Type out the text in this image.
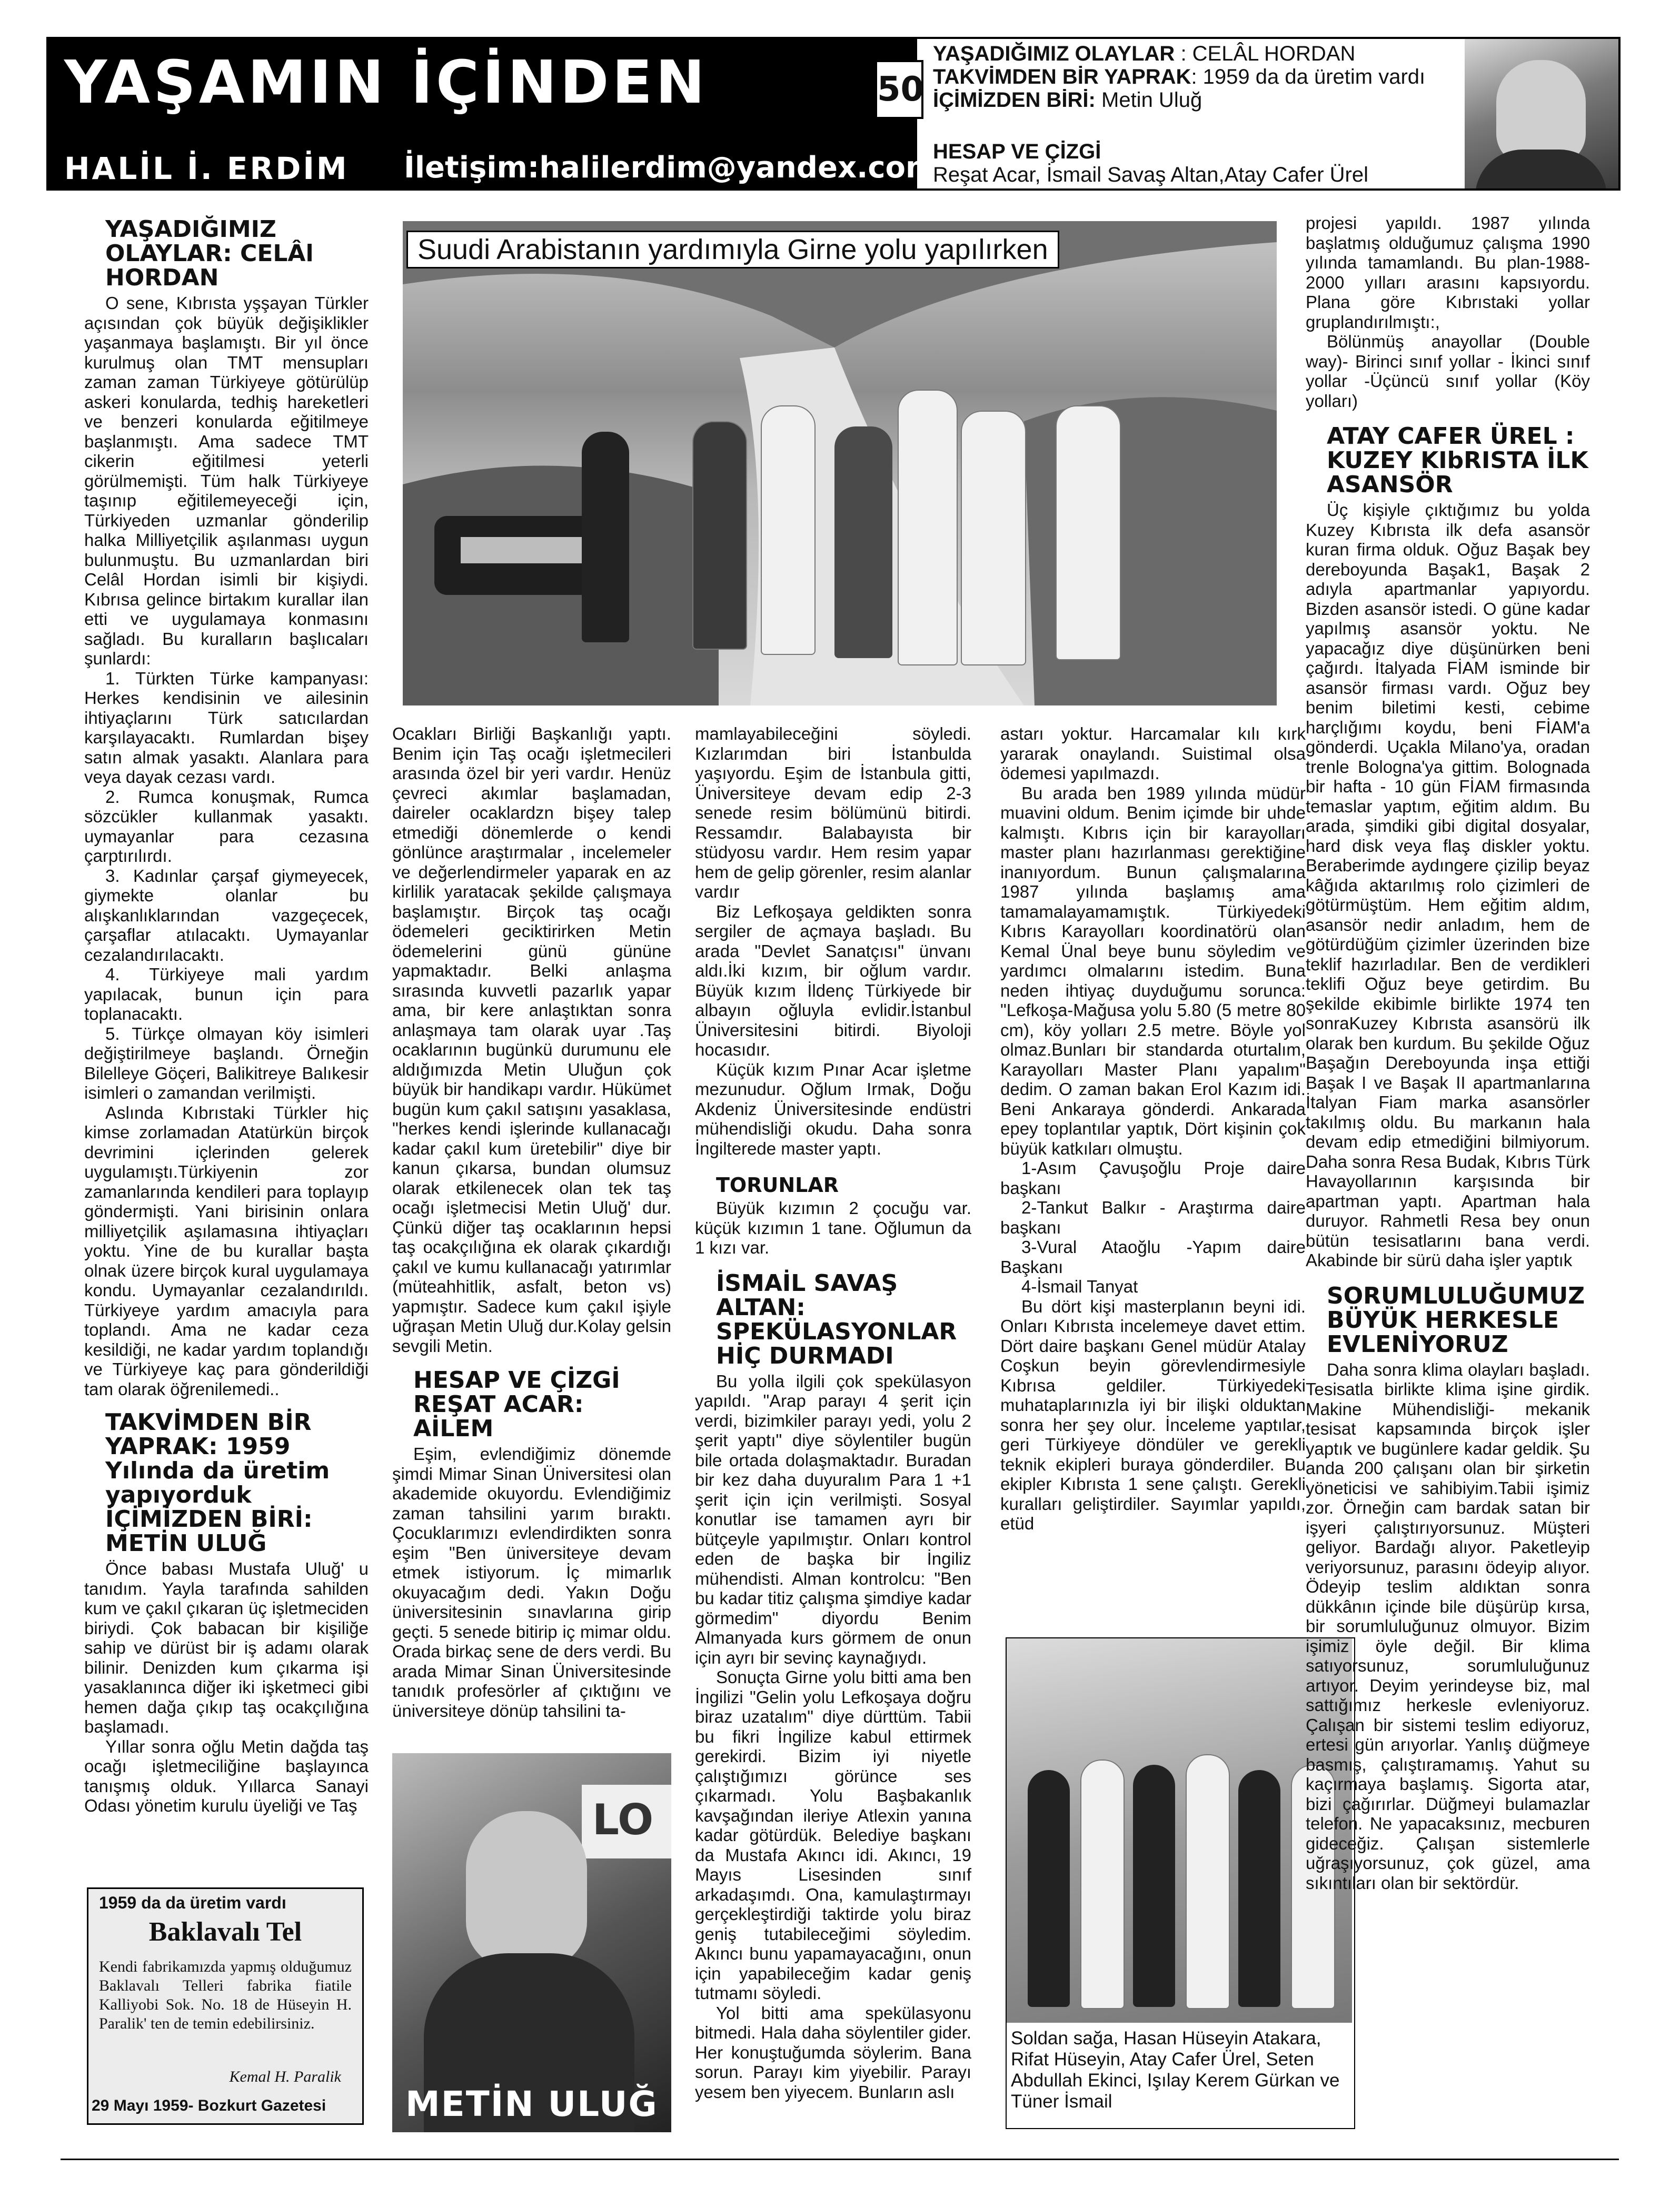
YAŞAMIN İÇİNDEN
HALİL İ. ERDİM İletişim:halilerdim@yandex.com
50
YAŞADIĞIMIZ OLAYLAR : CELÂL HORDAN
TAKVİMDEN BİR YAPRAK: 1959 da da üretim vardı
İÇİMİZDEN BİRİ: Metin Uluğ
HESAP VE ÇİZGİ
Reşat Acar, İsmail Savaş Altan,Atay Cafer Ürel
Suudi Arabistanın yardımıyla Girne yolu yapılırken
YAŞADIĞIMIZ OLAYLAR: CELÂl HORDAN

O sene, Kıbrısta yşşayan Türkler açısından çok büyük değişiklikler yaşanmaya başlamıştı. Bir yıl önce kurulmuş olan TMT mensupları zaman zaman Türkiyeye götürülüp askeri konularda, tedhiş hareketleri ve benzeri konularda eğitilmeye başlanmıştı. Ama sadece TMT cikerin eğitilmesi yeterli görülmemişti. Tüm halk Türkiyeye taşınıp eğitilemeyeceği için, Türkiyeden uzmanlar gönderilip halka Milliyetçilik aşılanması uygun bulunmuştu. Bu uzmanlardan biri Celâl Hordan isimli bir kişiydi. Kıbrısa gelince birtakım kurallar ilan etti ve uygulamaya konmasını sağladı. Bu kuralların başlıcaları şunlardı:

1. Türkten Türke kampanyası: Herkes kendisinin ve ailesinin ihtiyaçlarını Türk satıcılardan karşılayacaktı. Rumlardan bişey satın almak yasaktı. Alanlara para veya dayak cezası vardı.

2. Rumca konuşmak, Rumca sözcükler kullanmak yasaktı. uymayanlar para cezasına çarptırılırdı.

3. Kadınlar çarşaf giymeyecek, giymekte olanlar bu alışkanlıklarından vazgeçecek, çarşaflar atılacaktı. Uymayanlar cezalandırılacaktı.

4. Türkiyeye mali yardım yapılacak, bunun için para toplanacaktı.

5. Türkçe olmayan köy isimleri değiştirilmeye başlandı. Örneğin Bilelleye Göçeri, Balikitreye Balıkesir isimleri o zamandan verilmişti.

Aslında Kıbrıstaki Türkler hiç kimse zorlamadan Atatürkün birçok devrimini içlerinden gelerek uygulamıştı.Türkiyenin zor zamanlarında kendileri para toplayıp göndermişti. Yani birisinin onlara milliyetçilik aşılamasına ihtiyaçları yoktu. Yine de bu kurallar başta olnak üzere birçok kural uygulamaya kondu. Uymayanlar cezalandırıldı. Türkiyeye yardım amacıyla para toplandı. Ama ne kadar ceza kesildiği, ne kadar yardım toplandığı ve Türkiyeye kaç para gönderildiği tam olarak öğrenilemedi..

TAKVİMDEN BİR YAPRAK: 1959 Yılında da üretim yapıyorduk İÇİMİZDEN BİRİ: METİN ULUĞ

Önce babası Mustafa Uluğ' u tanıdım. Yayla tarafında sahilden kum ve çakıl çıkaran üç işletmeciden biriydi. Çok babacan bir kişiliğe sahip ve dürüst bir iş adamı olarak bilinir. Denizden kum çıkarma işi yasaklanınca diğer iki işketmeci gibi hemen dağa çıkıp taş ocakçılığına başlamadı.

Yıllar sonra oğlu Metin dağda taş ocağı işletmeciliğine başlayınca tanışmış olduk. Yıllarca Sanayi Odası yönetim kurulu üyeliği ve Taş

1959 da da üretim vardı
Baklavalı Tel
Kendi fabrikamızda yapmış olduğumuz Baklavalı Telleri fabrika fiatile Kalliyobi Sok. No. 18 de Hüseyin H. Paralik' ten de temin edebilirsiniz.
Kemal H. Paralik
29 Mayı 1959- Bozkurt Gazetesi

Ocakları Birliği Başkanlığı yaptı. Benim için Taş ocağı işletmecileri arasında özel bir yeri vardır. Henüz çevreci akımlar başlamadan, daireler ocaklardzn bişey talep etmediği dönemlerde o kendi gönlünce araştırmalar , incelemeler ve değerlendirmeler yaparak en az kirlilik yaratacak şekilde çalışmaya başlamıştır. Birçok taş ocağı ödemeleri geciktirirken Metin ödemelerini günü gününe yapmaktadır. Belki anlaşma sırasında kuvvetli pazarlık yapar ama, bir kere anlaştıktan sonra anlaşmaya tam olarak uyar .Taş ocaklarının bugünkü durumunu ele aldığımızda Metin Uluğun çok büyük bir handikapı vardır. Hükümet bugün kum çakıl satışını yasaklasa, "herkes kendi işlerinde kullanacağı kadar çakıl kum üretebilir" diye bir kanun çıkarsa, bundan olumsuz olarak etkilenecek olan tek taş ocağı işletmecisi Metin Uluğ' dur. Çünkü diğer taş ocaklarının hepsi taş ocakçılığına ek olarak çıkardığı çakıl ve kumu kullanacağı yatırımlar (müteahhitlik, asfalt, beton vs) yapmıştır. Sadece kum çakıl işiyle uğraşan Metin Uluğ dur.Kolay gelsin sevgili Metin.

HESAP VE ÇİZGİ REŞAT ACAR: AİLEM

Eşim, evlendiğimiz dönemde şimdi Mimar Sinan Üniversitesi olan akademide okuyordu. Evlendiğimiz zaman tahsilini yarım bıraktı. Çocuklarımızı evlendirdikten sonra eşim "Ben üniversiteye devam etmek istiyorum. İç mimarlık okuyacağım dedi. Yakın Doğu üniversitesinin sınavlarına girip geçti. 5 senede bitirip iç mimar oldu. Orada birkaç sene de ders verdi. Bu arada Mimar Sinan Üniversitesinde tanıdık profesörler af çıktığını ve üniversiteye dönüp tahsilini ta-

LO
METİN ULUĞ

mamlayabileceğini söyledi. Kızlarımdan biri İstanbulda yaşıyordu. Eşim de İstanbula gitti, Üniversiteye devam edip 2-3 senede resim bölümünü bitirdi. Ressamdır. Balabayısta bir stüdyosu vardır. Hem resim yapar hem de gelip görenler, resim alanlar vardır

Biz Lefkoşaya geldikten sonra sergiler de açmaya başladı. Bu arada "Devlet Sanatçısı" ünvanı aldı.İki kızım, bir oğlum vardır. Büyük kızım İldenç Türkiyede bir albayın oğluyla evlidir.İstanbul Üniversitesini bitirdi. Biyoloji hocasıdır.

Küçük kızım Pınar Acar işletme mezunudur. Oğlum Irmak, Doğu Akdeniz Üniversitesinde endüstri mühendisliği okudu. Daha sonra İngilterede master yaptı.

TORUNLAR

Büyük kızımın 2 çocuğu var. küçük kızımın 1 tane. Oğlumun da 1 kızı var.

İSMAİL SAVAŞ ALTAN: SPEKÜLASYONLAR HİÇ DURMADI

Bu yolla ilgili çok spekülasyon yapıldı. "Arap parayı 4 şerit için verdi, bizimkiler parayı yedi, yolu 2 şerit yaptı" diye söylentiler bugün bile ortada dolaşmaktadır. Buradan bir kez daha duyuralım Para 1 +1 şerit için için verilmişti. Sosyal konutlar ise tamamen ayrı bir bütçeyle yapılmıştır. Onları kontrol eden de başka bir İngiliz mühendisti. Alman kontrolcu: "Ben bu kadar titiz çalışma şimdiye kadar görmedim" diyordu Benim Almanyada kurs görmem de onun için ayrı bir sevinç kaynağıydı.

Sonuçta Girne yolu bitti ama ben İngilizi "Gelin yolu Lefkoşaya doğru biraz uzatalım" diye dürttüm. Tabii bu fikri İngilize kabul ettirmek gerekirdi. Bizim iyi niyetle çalıştığımızı görünce ses çıkarmadı. Yolu Başbakanlık kavşağından ileriye Atlexin yanına kadar götürdük. Belediye başkanı da Mustafa Akıncı idi. Akıncı, 19 Mayıs Lisesinden sınıf arkadaşımdı. Ona, kamulaştırmayı gerçekleştirdiği taktirde yolu biraz geniş tutabileceğimi söyledim. Akıncı bunu yapamayacağını, onun için yapabileceğim kadar geniş tutmamı söyledi.

Yol bitti ama spekülasyonu bitmedi. Hala daha söylentiler gider. Her konuştuğumda söylerim. Bana sorun. Parayı kim yiyebilir. Parayı yesem ben yiyecem. Bunların aslı

astarı yoktur. Harcamalar kılı kırk yararak onaylandı. Suistimal olsa ödemesi yapılmazdı.

Bu arada ben 1989 yılında müdür muavini oldum. Benim içimde bir uhde kalmıştı. Kıbrıs için bir karayolları master planı hazırlanması gerektiğine inanıyordum. Bunun çalışmalarına 1987 yılında başlamış ama tamamalayamamıştık. Türkiyedeki Kıbrıs Karayolları koordinatörü olan Kemal Ünal beye bunu söyledim ve yardımcı olmalarını istedim. Buna neden ihtiyaç duyduğumu sorunca: "Lefkoşa-Mağusa yolu 5.80 (5 metre 80 cm), köy yolları 2.5 metre. Böyle yol olmaz.Bunları bir standarda oturtalım, Karayolları Master Planı yapalım" dedim. O zaman bakan Erol Kazım idi. Beni Ankaraya gönderdi. Ankarada epey toplantılar yaptık, Dört kişinin çok büyük katkıları olmuştu.

1-Asım Çavuşoğlu Proje daire başkanı

2-Tankut Balkır - Araştırma daire başkanı

3-Vural Ataoğlu -Yapım daire Başkanı

4-İsmail Tanyat

Bu dört kişi masterplanın beyni idi. Onları Kıbrısta incelemeye davet ettim. Dört daire başkanı Genel müdür Atalay Coşkun beyin görevlendirmesiyle Kıbrısa geldiler. Türkiyedeki muhataplarınızla iyi bir ilişki olduktan sonra her şey olur. İnceleme yaptılar, geri Türkiyeye döndüler ve gerekli teknik ekipleri buraya gönderdiler. Bu ekipler Kıbrısta 1 sene çalıştı. Gerekli kuralları geliştirdiler. Sayımlar yapıldı, etüd

Soldan sağa, Hasan Hüseyin Atakara, Rifat Hüseyin, Atay Cafer Ürel, Seten Abdullah Ekinci, Işılay Kerem Gürkan ve Tüner İsmail

projesi yapıldı. 1987 yılında başlatmış olduğumuz çalışma 1990 yılında tamamlandı. Bu plan-1988-2000 yılları arasını kapsıyordu. Plana göre Kıbrıstaki yollar gruplandırılmıştı:,

Bölünmüş anayollar (Double way)- Birinci sınıf yollar - İkinci sınıf yollar -Üçüncü sınıf yollar (Köy yolları)

ATAY CAFER ÜREL : KUZEY KIbRISTA İLK ASANSÖR

Üç kişiyle çıktığımız bu yolda Kuzey Kıbrısta ilk defa asansör kuran firma olduk. Oğuz Başak bey dereboyunda Başak1, Başak 2 adıyla apartmanlar yapıyordu. Bizden asansör istedi. O güne kadar yapılmış asansör yoktu. Ne yapacağız diye düşünürken beni çağırdı. İtalyada FİAM isminde bir asansör firması vardı. Oğuz bey benim biletimi kesti, cebime harçlığımı koydu, beni FİAM'a gönderdi. Uçakla Milano'ya, oradan trenle Bologna'ya gittim. Bolognada bir hafta - 10 gün FİAM firmasında temaslar yaptım, eğitim aldım. Bu arada, şimdiki gibi digital dosyalar, hard disk veya flaş diskler yoktu. Beraberimde aydıngere çizilip beyaz kâğıda aktarılmış rolo çizimleri de götürmüştüm. Hem eğitim aldım, asansör nedir anladım, hem de götürdüğüm çizimler üzerinden bize teklif hazırladılar. Ben de verdikleri teklifi Oğuz beye getirdim. Bu şekilde ekibimle birlikte 1974 ten sonraKuzey Kıbrısta asansörü ilk olarak ben kurdum. Bu şekilde Oğuz Başağın Dereboyunda inşa ettiği Başak I ve Başak II apartmanlarına İtalyan Fiam marka asansörler takılmış oldu. Bu markanın hala devam edip etmediğini bilmiyorum. Daha sonra Resa Budak, Kıbrıs Türk Havayollarının karşısında bir apartman yaptı. Apartman hala duruyor. Rahmetli Resa bey onun bütün tesisatlarını bana verdi. Akabinde bir sürü daha işler yaptık

SORUMLULUĞUMUZ BÜYÜK HERKESLE EVLENİYORUZ

Daha sonra klima olayları başladı. Tesisatla birlikte klima işine girdik. Makine Mühendisliği- mekanik tesisat kapsamında birçok işler yaptık ve bugünlere kadar geldik. Şu anda 200 çalışanı olan bir şirketin yöneticisi ve sahibiyim.Tabii işimiz zor. Örneğin cam bardak satan bir işyeri çalıştırıyorsunuz. Müşteri geliyor. Bardağı alıyor. Paketleyip veriyorsunuz, parasını ödeyip alıyor. Ödeyip teslim aldıktan sonra dükkânın içinde bile düşürüp kırsa, bir sorumluluğunuz olmuyor. Bizim işimiz öyle değil. Bir klima satıyorsunuz, sorumluluğunuz artıyor. Deyim yerindeyse biz, mal sattığımız herkesle evleniyoruz. Çalışan bir sistemi teslim ediyoruz, ertesi gün arıyorlar. Yanlış düğmeye basmış, çalıştıramamış. Yahut su kaçırmaya başlamış. Sigorta atar, bizi çağırırlar. Düğmeyi bulamazlar telefon. Ne yapacaksınız, mecburen gideceğiz. Çalışan sistemlerle uğraşıyorsunuz, çok güzel, ama sıkıntıları olan bir sektördür.
